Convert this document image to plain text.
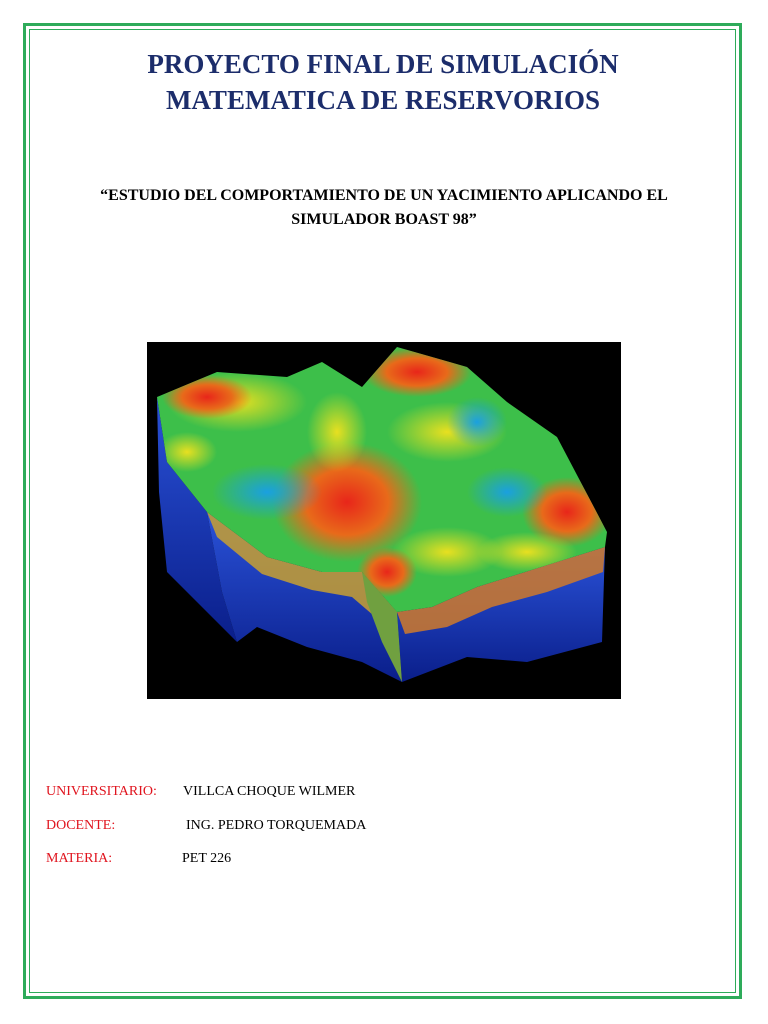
PROYECTO FINAL DE SIMULACIÓN
MATEMATICA DE RESERVORIOS

“ESTUDIO DEL COMPORTAMIENTO DE UN YACIMIENTO APLICANDO EL
SIMULADOR BOAST 98”

UNIVERSITARIO: VILLCA CHOQUE WILMER
DOCENTE:	ING. PEDRO TORQUEMADA
MATERIA:	PET 226
